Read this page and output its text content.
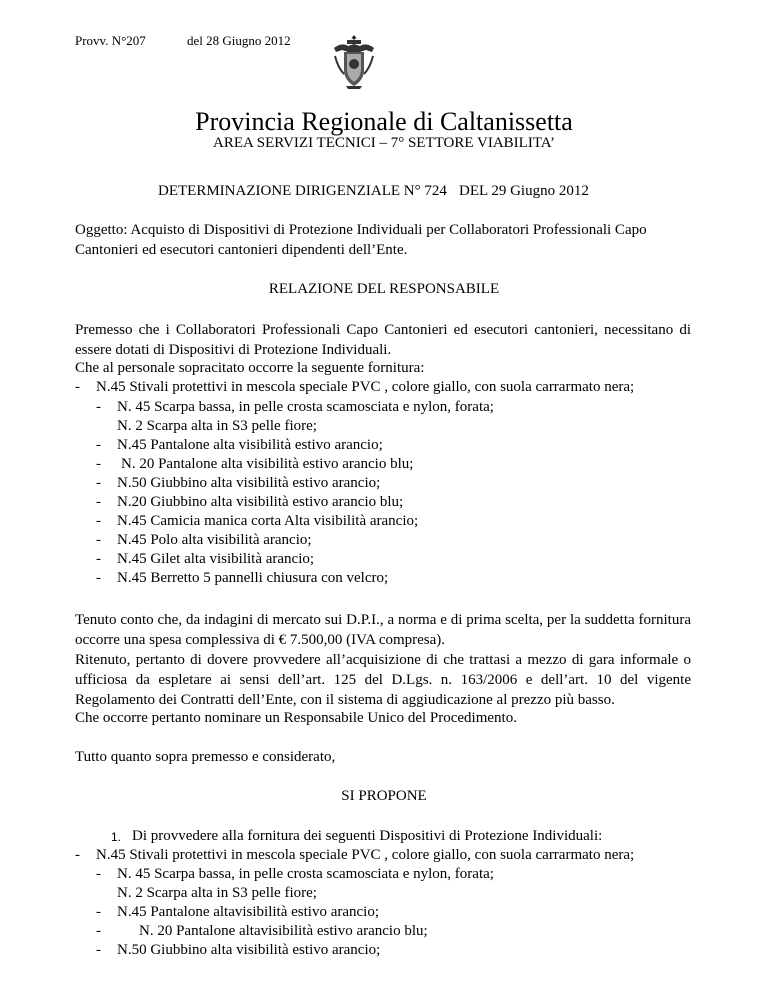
Provv. N°207	del 28 Giugno 2012
Provincia Regionale di Caltanissetta
AREA SERVIZI TECNICI – 7° SETTORE VIABILITA’
DETERMINAZIONE DIRIGENZIALE N° 724 DEL 29 Giugno 2012
Oggetto: Acquisto di Dispositivi di Protezione Individuali per Collaboratori Professionali Capo
Cantonieri ed esecutori cantonieri dipendenti dell’Ente.
RELAZIONE DEL RESPONSABILE
Premesso che i Collaboratori Professionali Capo Cantonieri ed esecutori cantonieri, necessitano di essere dotati di Dispositivi di Protezione Individuali.
Che al personale sopracitato occorre la seguente fornitura:
- N.45 Stivali protettivi in mescola speciale PVC , colore giallo, con suola carrarmato nera;
- N. 45 Scarpa bassa, in pelle crosta scamosciata e nylon, forata;
N. 2 Scarpa alta in S3 pelle fiore;
- N.45 Pantalone alta visibilità estivo arancio;
- N. 20 Pantalone alta visibilità estivo arancio blu;
- N.50 Giubbino alta visibilità estivo arancio;
- N.20 Giubbino alta visibilità estivo arancio blu;
- N.45 Camicia manica corta Alta visibilità arancio;
- N.45 Polo alta visibilità arancio;
- N.45 Gilet alta visibilità arancio;
- N.45 Berretto 5 pannelli chiusura con velcro;
Tenuto conto che, da indagini di mercato sui D.P.I., a norma e di prima scelta, per la suddetta fornitura occorre una spesa complessiva di € 7.500,00 (IVA compresa).
Ritenuto, pertanto di dovere provvedere all’acquisizione di che trattasi a mezzo di gara informale o ufficiosa da espletare ai sensi dell’art. 125 del D.Lgs. n. 163/2006 e dell’art. 10 del vigente Regolamento dei Contratti dell’Ente, con il sistema di aggiudicazione al prezzo più basso.
Che occorre pertanto nominare un Responsabile Unico del Procedimento.
Tutto quanto sopra premesso e considerato,
SI PROPONE
1. Di provvedere alla fornitura dei seguenti Dispositivi di Protezione Individuali:
- N.45 Stivali protettivi in mescola speciale PVC , colore giallo, con suola carrarmato nera;
- N. 45 Scarpa bassa, in pelle crosta scamosciata e nylon, forata;
N. 2 Scarpa alta in S3 pelle fiore;
- N.45 Pantalone altavisibilità estivo arancio;
-	N. 20 Pantalone altavisibilità estivo arancio blu;
- N.50 Giubbino alta visibilità estivo arancio;
